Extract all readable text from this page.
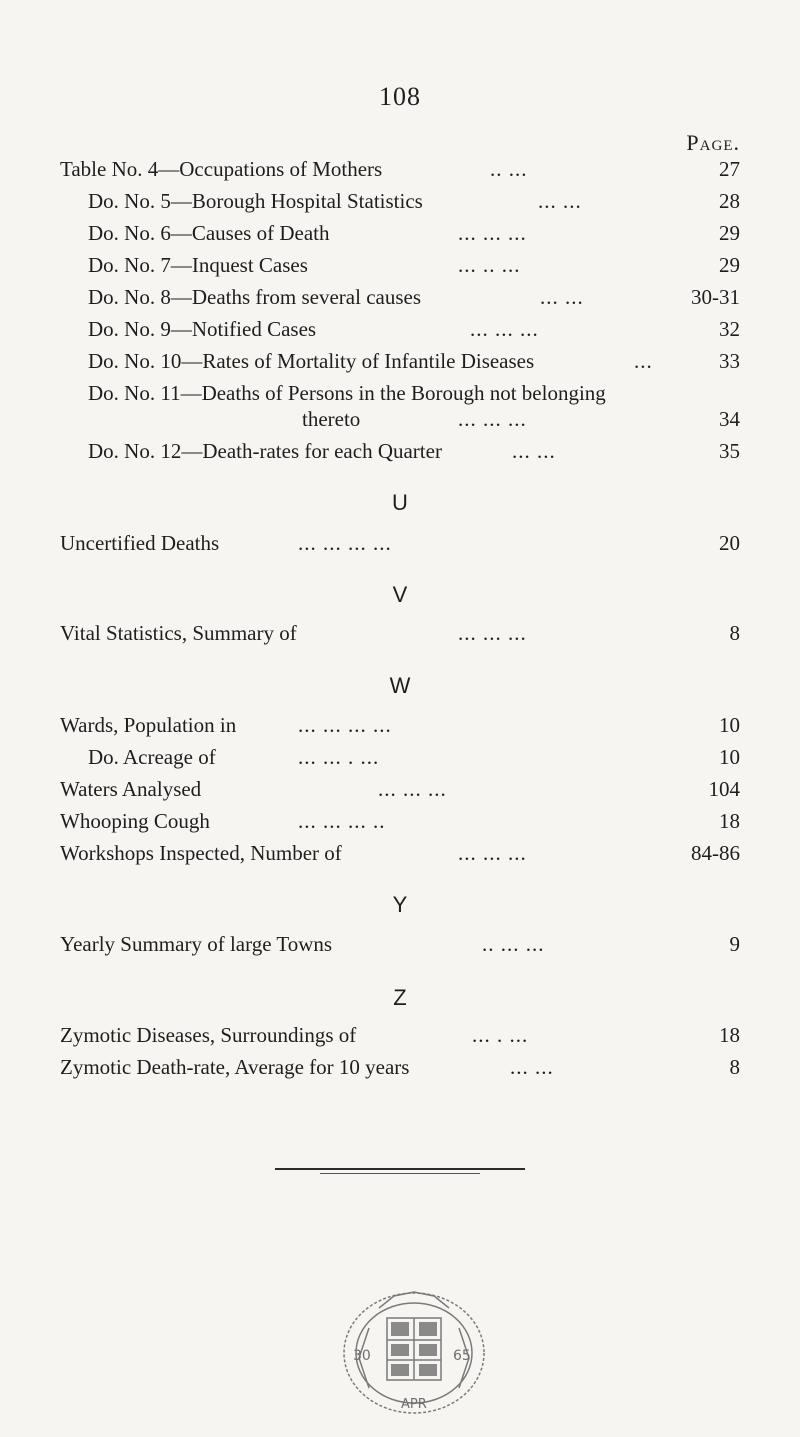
108
Page.
Table No. 4—Occupations of Mothers	.. ...	27
Do. No. 5—Borough Hospital Statistics	... ...	28
Do. No. 6—Causes of Death	... ... ...	29
Do. No. 7—Inquest Cases	... .. ...	29
Do. No. 8—Deaths from several causes	... ...	30-31
Do. No. 9—Notified Cases	... ... ...	32
Do. No. 10—Rates of Mortality of Infantile Diseases	...	33
Do. No. 11—Deaths of Persons in the Borough not belonging
thereto	... ... ...	34
Do. No. 12—Death-rates for each Quarter	... ...	35
U
Uncertified Deaths	... ... ... ...	20
V
Vital Statistics, Summary of	... ... ...	8
W
Wards, Population in	... ... ... ...	10
Do. Acreage of	... ... . ...	10
Waters Analysed	... ... ...	104
Whooping Cough	... ... ... ..	18
Workshops Inspected, Number of	... ... ...	84-86
Y
Yearly Summary of large Towns	.. ... ...	9
Z
Zymotic Diseases, Surroundings of	... . ...	18
Zymotic Death-rate, Average for 10 years	... ...	8
30	65
APR
